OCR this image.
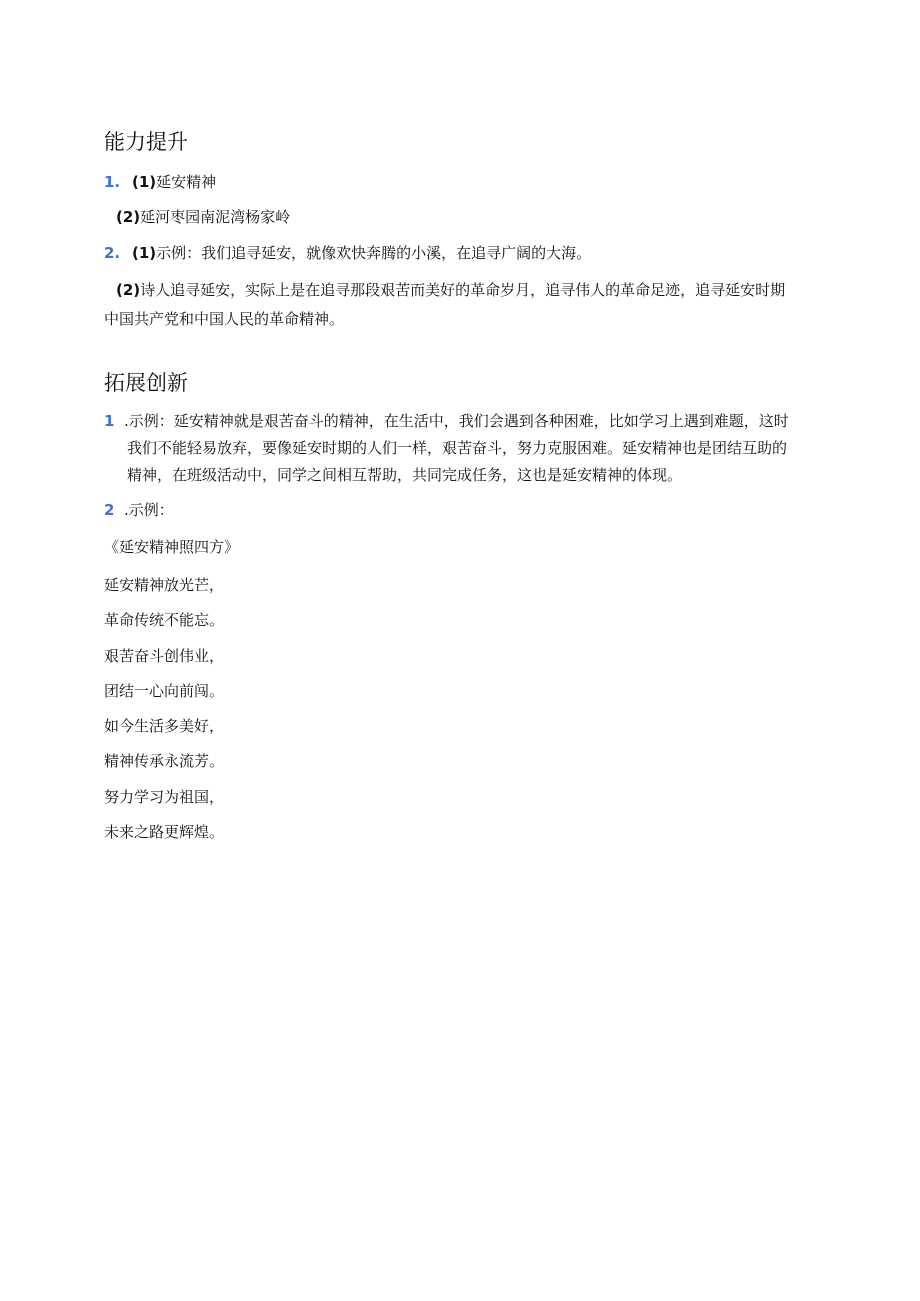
能力提升
1. (1)延安精神
(2)延河枣园南泥湾杨家岭
2. (1)示例：我们追寻延安，就像欢快奔腾的小溪，在追寻广阔的大海。
(2)诗人追寻延安，实际上是在追寻那段艰苦而美好的革命岁月，追寻伟人的革命足迹，追寻延安时期
中国共产党和中国人民的革命精神。
拓展创新
1 .示例：延安精神就是艰苦奋斗的精神，在生活中，我们会遇到各种困难，比如学习上遇到难题，这时
我们不能轻易放弃，要像延安时期的人们一样，艰苦奋斗，努力克服困难。延安精神也是团结互助的
精神，在班级活动中，同学之间相互帮助，共同完成任务，这也是延安精神的体现。
2 .示例：
《延安精神照四方》
延安精神放光芒，
革命传统不能忘。
艰苦奋斗创伟业，
团结一心向前闯。
如今生活多美好，
精神传承永流芳。
努力学习为祖国，
未来之路更辉煌。
